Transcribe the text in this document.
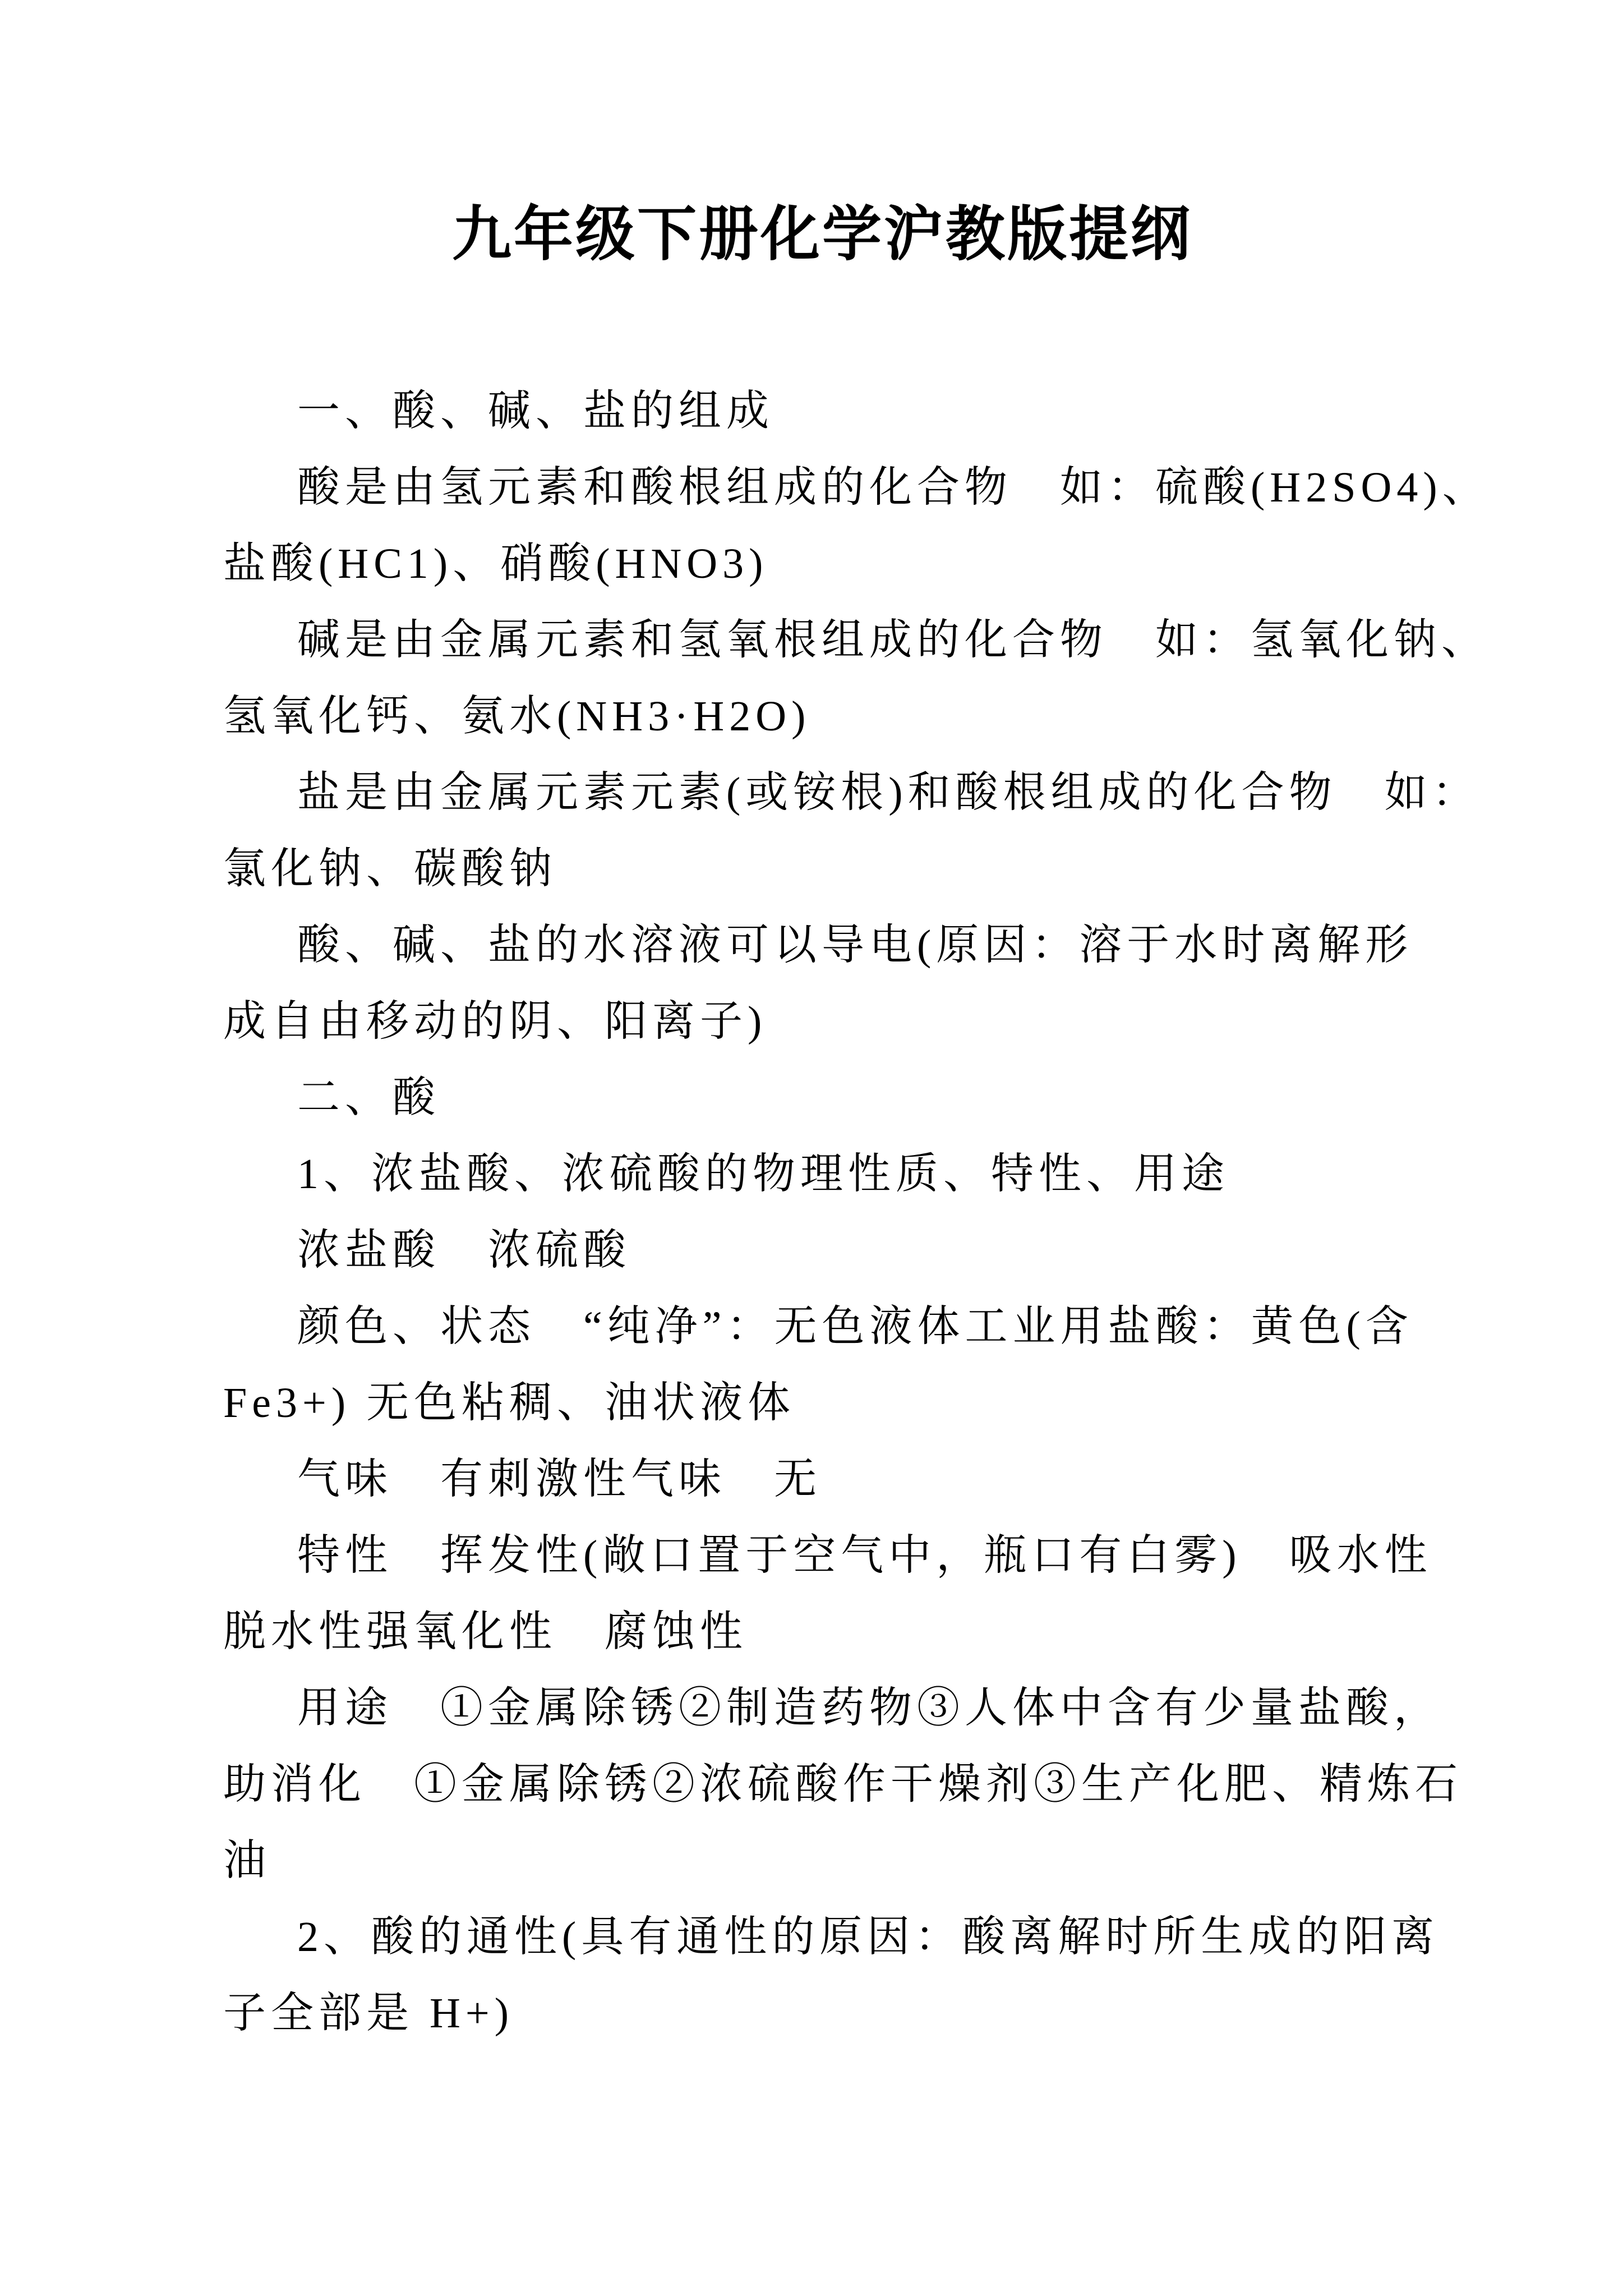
九年级下册化学沪教版提纲
一、酸、碱、盐的组成
酸是由氢元素和酸根组成的化合物　如：硫酸(H2SO4)、
盐酸(HC1)、硝酸(HNO3)
碱是由金属元素和氢氧根组成的化合物　如：氢氧化钠、
氢氧化钙、氨水(NH3·H2O)
盐是由金属元素元素(或铵根)和酸根组成的化合物　如：
氯化钠、碳酸钠
酸、碱、盐的水溶液可以导电(原因：溶于水时离解形
成自由移动的阴、阳离子)
二、酸
1、浓盐酸、浓硫酸的物理性质、特性、用途
浓盐酸　浓硫酸
颜色、状态　“纯净”：无色液体工业用盐酸：黄色(含
Fe3+) 无色粘稠、油状液体
气味　有刺激性气味　无
特性　挥发性(敞口置于空气中，瓶口有白雾)　吸水性
脱水性强氧化性　腐蚀性
用途　①金属除锈②制造药物③人体中含有少量盐酸，
助消化　①金属除锈②浓硫酸作干燥剂③生产化肥、精炼石
油
2、酸的通性(具有通性的原因：酸离解时所生成的阳离
子全部是 H+)
